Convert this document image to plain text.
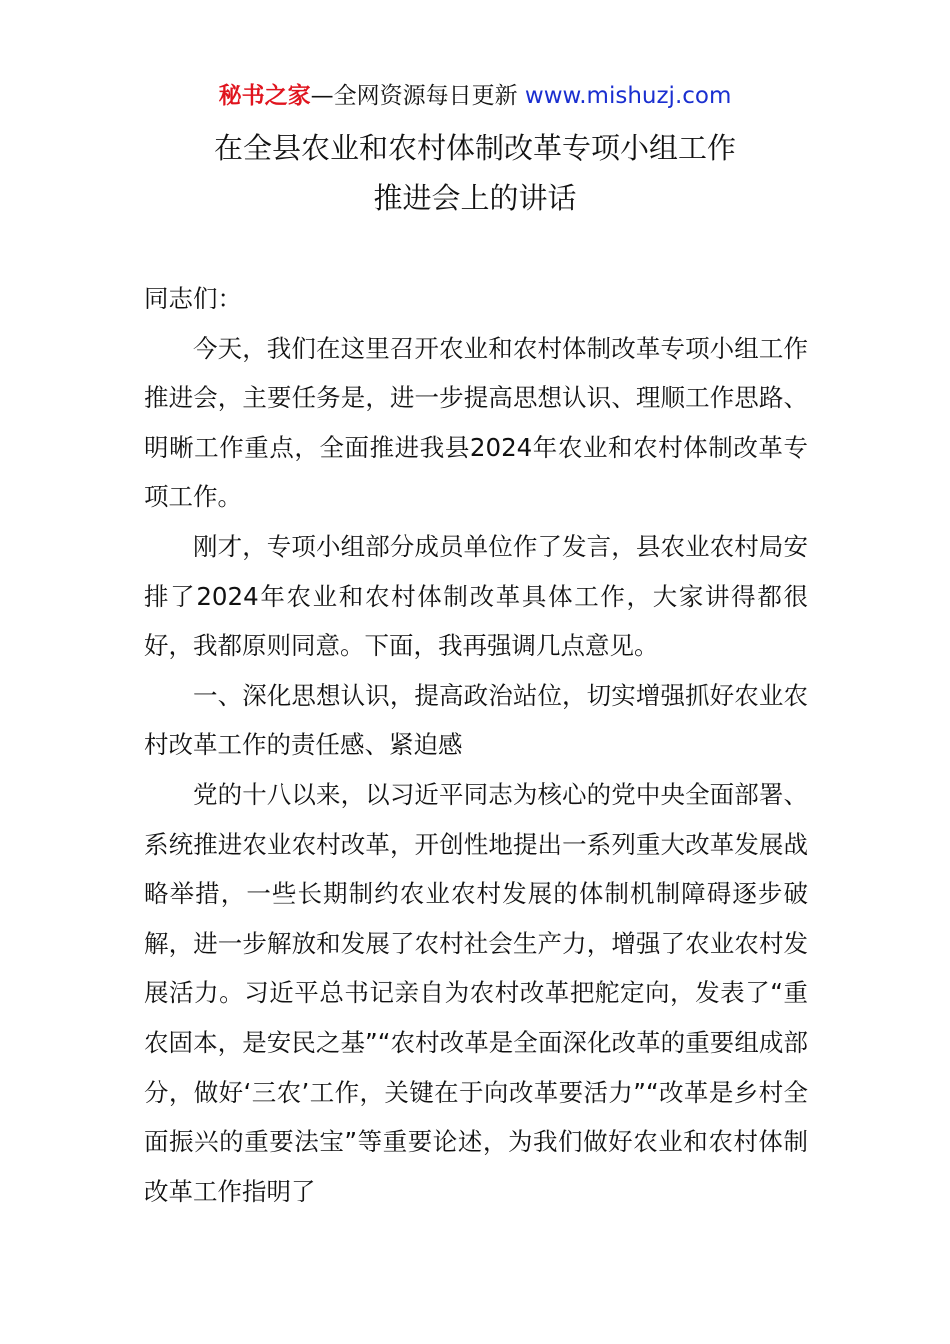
秘书之家—全网资源每日更新 www.mishuzj.com
在全县农业和农村体制改革专项小组工作
推进会上的讲话

同志们：

今天，我们在这里召开农业和农村体制改革专项小组工作推进会，主要任务是，进一步提高思想认识、理顺工作思路、明晰工作重点，全面推进我县2024年农业和农村体制改革专项工作。

刚才，专项小组部分成员单位作了发言，县农业农村局安排了2024年农业和农村体制改革具体工作，大家讲得都很好，我都原则同意。下面，我再强调几点意见。

一、深化思想认识，提高政治站位，切实增强抓好农业农村改革工作的责任感、紧迫感

党的十八以来，以习近平同志为核心的党中央全面部署、系统推进农业农村改革，开创性地提出一系列重大改革发展战略举措，一些长期制约农业农村发展的体制机制障碍逐步破解，进一步解放和发展了农村社会生产力，增强了农业农村发展活力。习近平总书记亲自为农村改革把舵定向，发表了“重农固本，是安民之基”“农村改革是全面深化改革的重要组成部分，做好‘三农’工作，关键在于向改革要活力”“改革是乡村全面振兴的重要法宝”等重要论述，为我们做好农业和农村体制改革工作指明了
